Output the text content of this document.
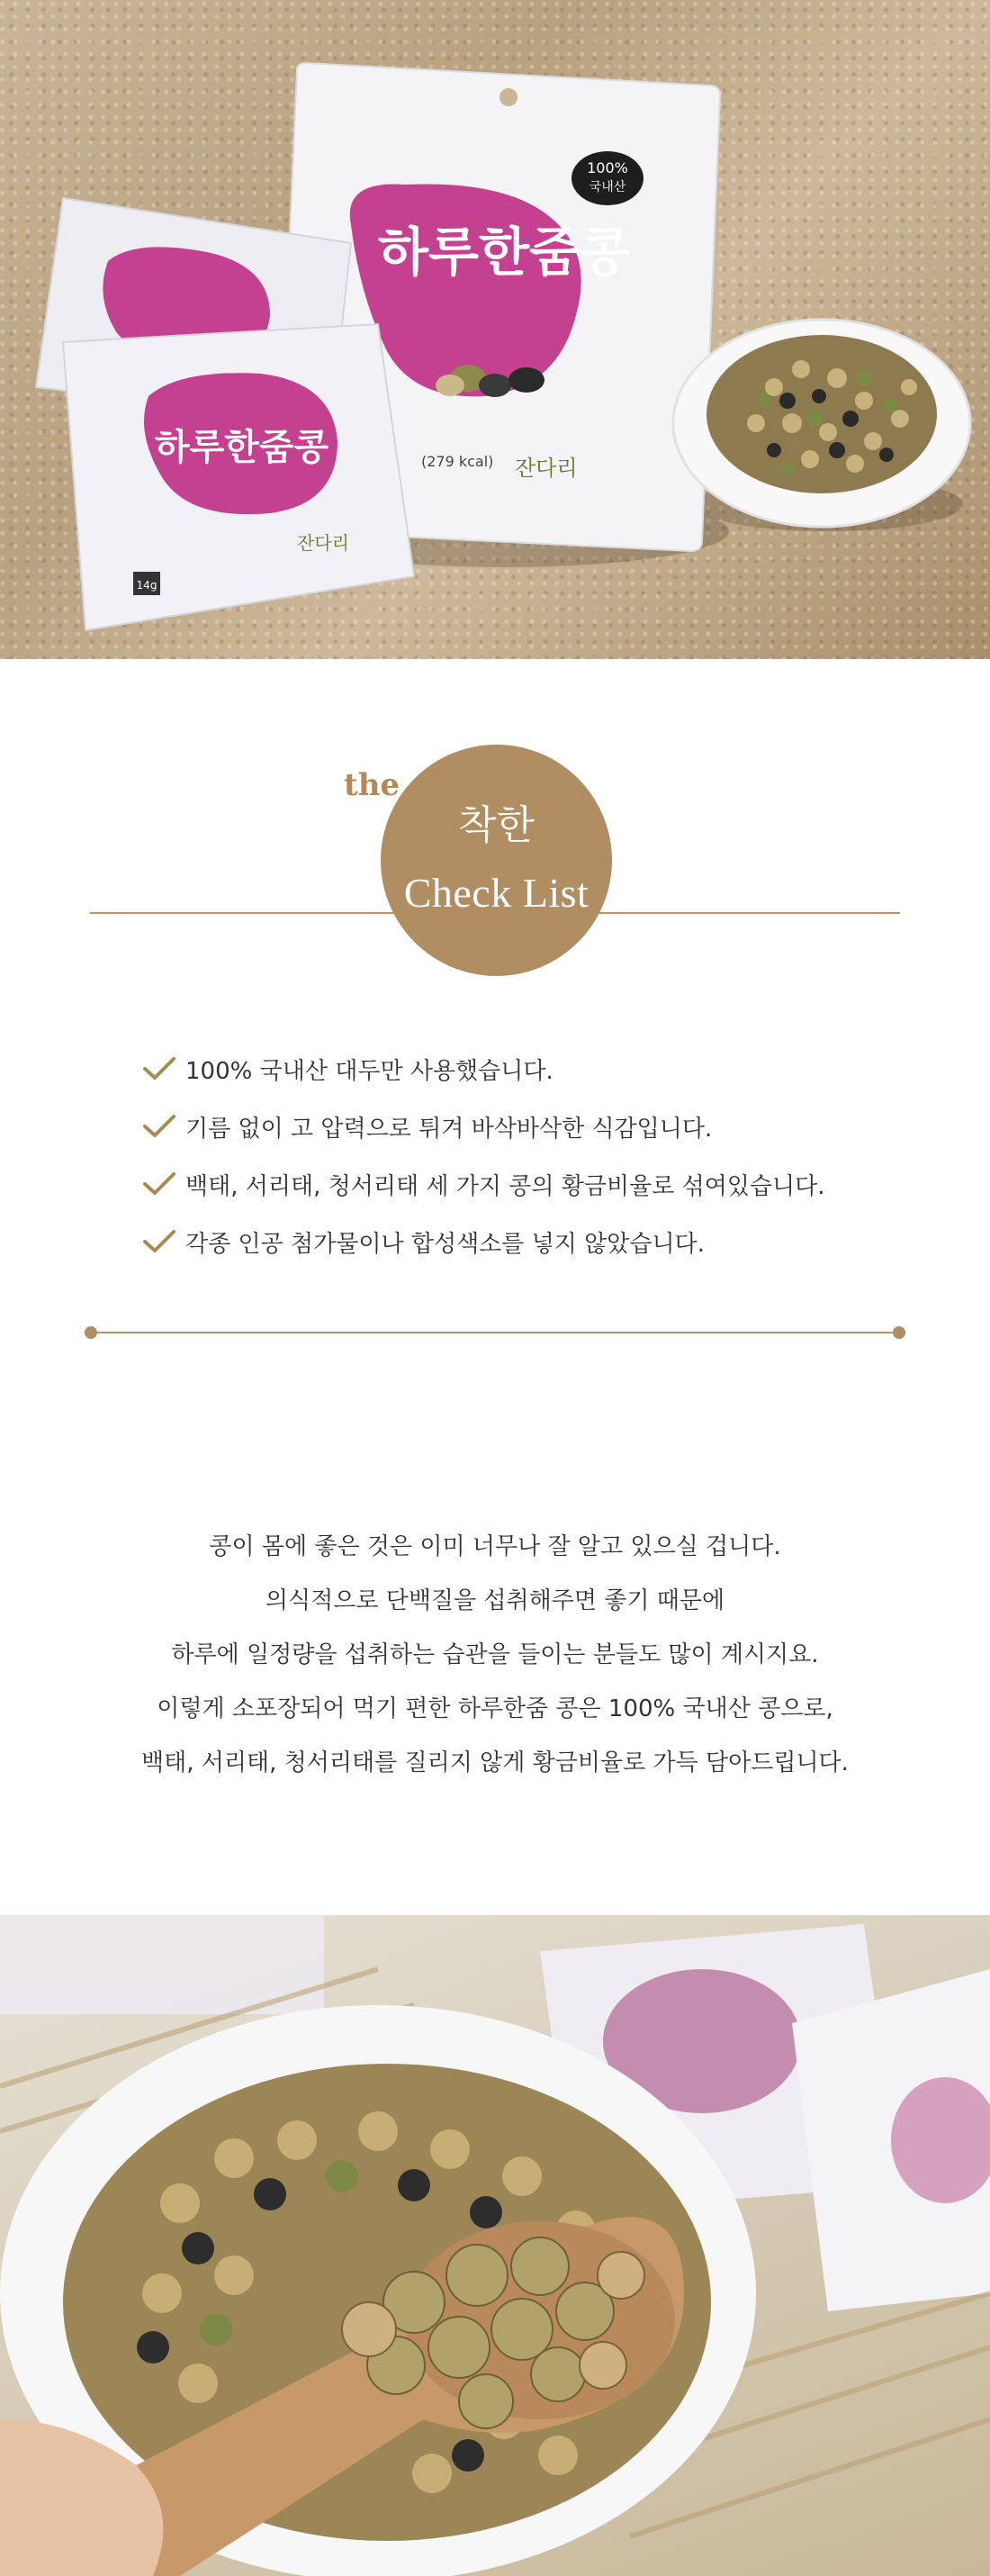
100%
국내산
하루한줌콩
(279 kcal) 잔다리
하루한줌콩
14g
잔다리
the
착한
Check List
100% 국내산 대두만 사용했습니다.
기름 없이 고 압력으로 튀겨 바삭바삭한 식감입니다.
백태, 서리태, 청서리태 세 가지 콩의 황금비율로 섞여있습니다.
각종 인공 첨가물이나 합성색소를 넣지 않았습니다.
콩이 몸에 좋은 것은 이미 너무나 잘 알고 있으실 겁니다.
의식적으로 단백질을 섭취해주면 좋기 때문에
하루에 일정량을 섭취하는 습관을 들이는 분들도 많이 계시지요.
이렇게 소포장되어 먹기 편한 하루한줌 콩은 100% 국내산 콩으로,
백태, 서리태, 청서리태를 질리지 않게 황금비율로 가득 담아드립니다.
